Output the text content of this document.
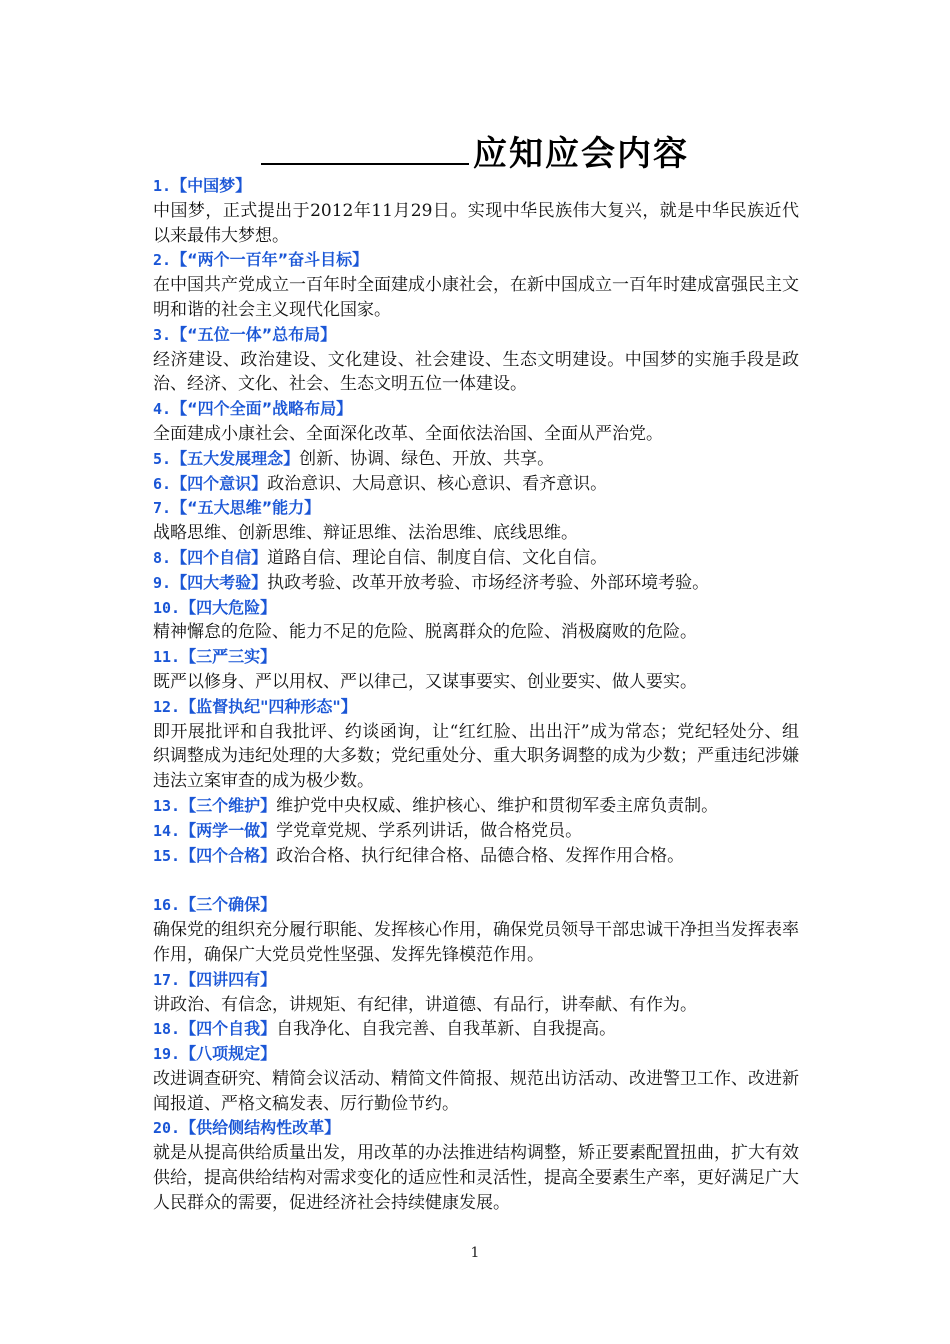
应知应会内容
1.【中国梦】
中国梦，正式提出于2012年11月29日。实现中华民族伟大复兴，就是中华民族近代以来最伟大梦想。
2.【“两个一百年”奋斗目标】
在中国共产党成立一百年时全面建成小康社会，在新中国成立一百年时建成富强民主文明和谐的社会主义现代化国家。
3.【“五位一体”总布局】
经济建设、政治建设、文化建设、社会建设、生态文明建设。中国梦的实施手段是政治、经济、文化、社会、生态文明五位一体建设。
4.【“四个全面”战略布局】
全面建成小康社会、全面深化改革、全面依法治国、全面从严治党。
5.【五大发展理念】创新、协调、绿色、开放、共享。
6.【四个意识】政治意识、大局意识、核心意识、看齐意识。
7.【“五大思维”能力】
战略思维、创新思维、辩证思维、法治思维、底线思维。
8.【四个自信】道路自信、理论自信、制度自信、文化自信。
9.【四大考验】执政考验、改革开放考验、市场经济考验、外部环境考验。
10.【四大危险】
精神懈怠的危险、能力不足的危险、脱离群众的危险、消极腐败的危险。
11.【三严三实】
既严以修身、严以用权、严以律己，又谋事要实、创业要实、做人要实。
12.【监督执纪"四种形态"】
即开展批评和自我批评、约谈函询，让“红红脸、出出汗”成为常态；党纪轻处分、组织调整成为违纪处理的大多数；党纪重处分、重大职务调整的成为少数；严重违纪涉嫌违法立案审查的成为极少数。
13.【三个维护】维护党中央权威、维护核心、维护和贯彻军委主席负责制。
14.【两学一做】学党章党规、学系列讲话，做合格党员。
15.【四个合格】政治合格、执行纪律合格、品德合格、发挥作用合格。
16.【三个确保】
确保党的组织充分履行职能、发挥核心作用，确保党员领导干部忠诚干净担当发挥表率作用，确保广大党员党性坚强、发挥先锋模范作用。
17.【四讲四有】
讲政治、有信念，讲规矩、有纪律，讲道德、有品行，讲奉献、有作为。
18.【四个自我】自我净化、自我完善、自我革新、自我提高。
19.【八项规定】
改进调查研究、精简会议活动、精简文件简报、规范出访活动、改进警卫工作、改进新闻报道、严格文稿发表、厉行勤俭节约。
20.【供给侧结构性改革】
就是从提高供给质量出发，用改革的办法推进结构调整，矫正要素配置扭曲，扩大有效供给，提高供给结构对需求变化的适应性和灵活性，提高全要素生产率，更好满足广大人民群众的需要，促进经济社会持续健康发展。
1
